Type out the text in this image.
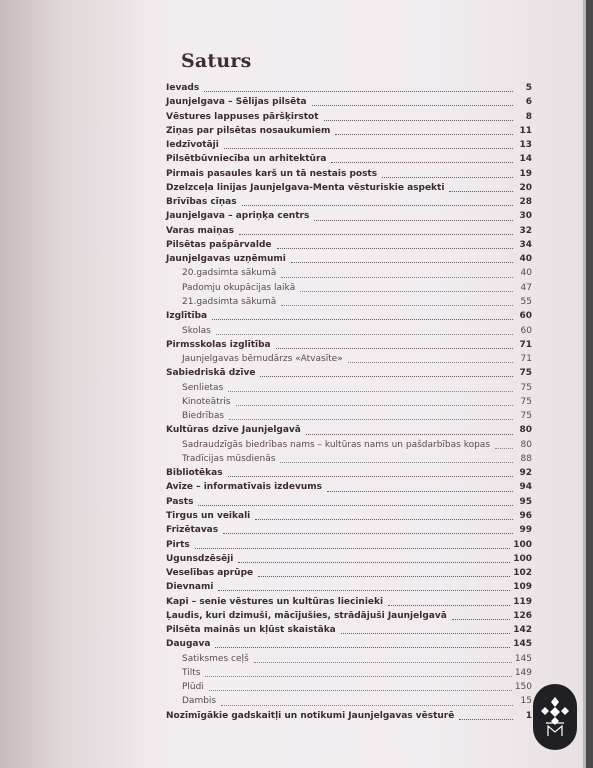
Saturs
Ievads	5
Jaunjelgava – Sēlijas pilsēta	6
Vēstures lappuses pāršķirstot	8
Ziņas par pilsētas nosaukumiem	11
Iedzīvotāji	13
Pilsētbūvniecība un arhitektūra	14
Pirmais pasaules karš un tā nestais posts	19
Dzelzceļa linijas Jaunjelgava-Menta vēsturiskie aspekti	20
Brīvības cīņas	28
Jaunjelgava – apriņķa centrs	30
Varas maiņas	32
Pilsētas pašpārvalde	34
Jaunjelgavas uzņēmumi	40
20.gadsimta sākumā	40
Padomju okupācijas laikā	47
21.gadsimta sākumā	55
Izglītība	60
Skolas	60
Pirmsskolas izglītība	71
Jaunjelgavas bērnudārzs «Atvasīte»	71
Sabiedriskā dzīve	75
Senlietas	75
Kinoteātris	75
Biedrības	75
Kultūras dzīve Jaunjelgavā	80
Sadraudzīgās biedrības nams – kultūras nams un pašdarbības kopas	80
Tradīcijas mūsdienās	88
Bibliotēkas	92
Avīze – informatīvais izdevums	94
Pasts	95
Tirgus un veikali	96
Frizētavas	99
Pirts	100
Ugunsdzēsēji	100
Veselības aprūpe	102
Dievnami	109
Kapi – senie vēstures un kultūras liecinieki	119
Ļaudis, kuri dzimuši, mācījušies, strādājuši Jaunjelgavā	126
Pilsēta mainās un kļūst skaistāka	142
Daugava	145
Satiksmes ceļš	145
Tilts	149
Plūdi	150
Dambis	15
Nozīmīgākie gadskaitļi un notikumi Jaunjelgavas vēsturē	1
